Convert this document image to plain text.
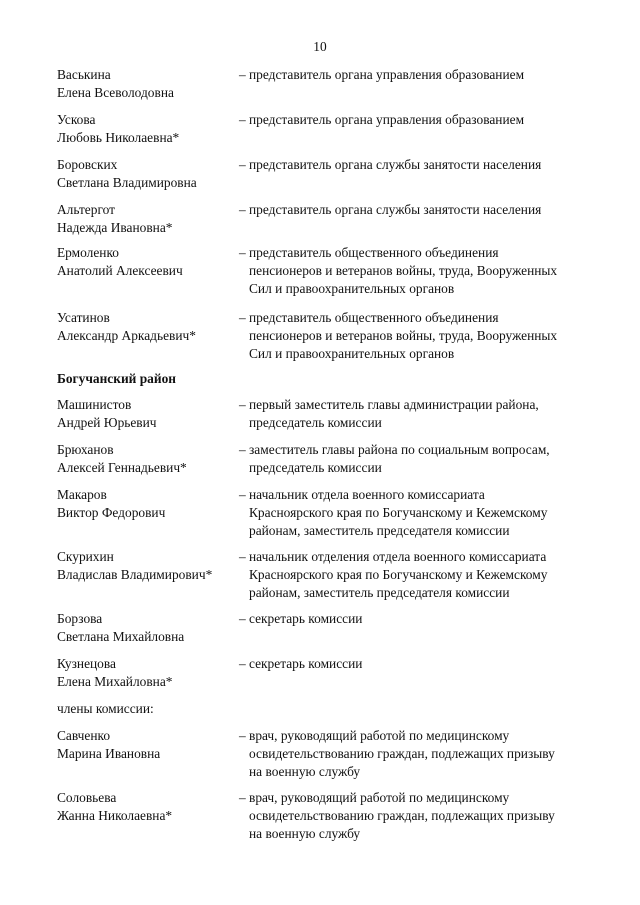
10
Васькина
Елена Всеволодовна
– представитель органа управления образованием
Ускова
Любовь Николаевна*
– представитель органа управления образованием
Боровских
Светлана Владимировна
– представитель органа службы занятости населения
Альтергот
Надежда Ивановна*
– представитель органа службы занятости населения
Ермоленко
Анатолий Алексеевич
– представитель общественного объединения
пенсионеров и ветеранов войны, труда, Вооруженных
Сил и правоохранительных органов
Усатинов
Александр Аркадьевич*
– представитель общественного объединения
пенсионеров и ветеранов войны, труда, Вооруженных
Сил и правоохранительных органов
Богучанский район
Машинистов
Андрей Юрьевич
– первый заместитель главы администрации района,
председатель комиссии
Брюханов
Алексей Геннадьевич*
– заместитель главы района по социальным вопросам,
председатель комиссии
Макаров
Виктор Федорович
– начальник отдела военного комиссариата
Красноярского края по Богучанскому и Кежемскому
районам, заместитель председателя комиссии
Скурихин
Владислав Владимирович*
– начальник отделения отдела военного комиссариата
Красноярского края по Богучанскому и Кежемскому
районам, заместитель председателя комиссии
Борзова
Светлана Михайловна
– секретарь комиссии
Кузнецова
Елена Михайловна*
– секретарь комиссии
члены комиссии:
Савченко
Марина Ивановна
– врач, руководящий работой по медицинскому
освидетельствованию граждан, подлежащих призыву
на военную службу
Соловьева
Жанна Николаевна*
– врач, руководящий работой по медицинскому
освидетельствованию граждан, подлежащих призыву
на военную службу
